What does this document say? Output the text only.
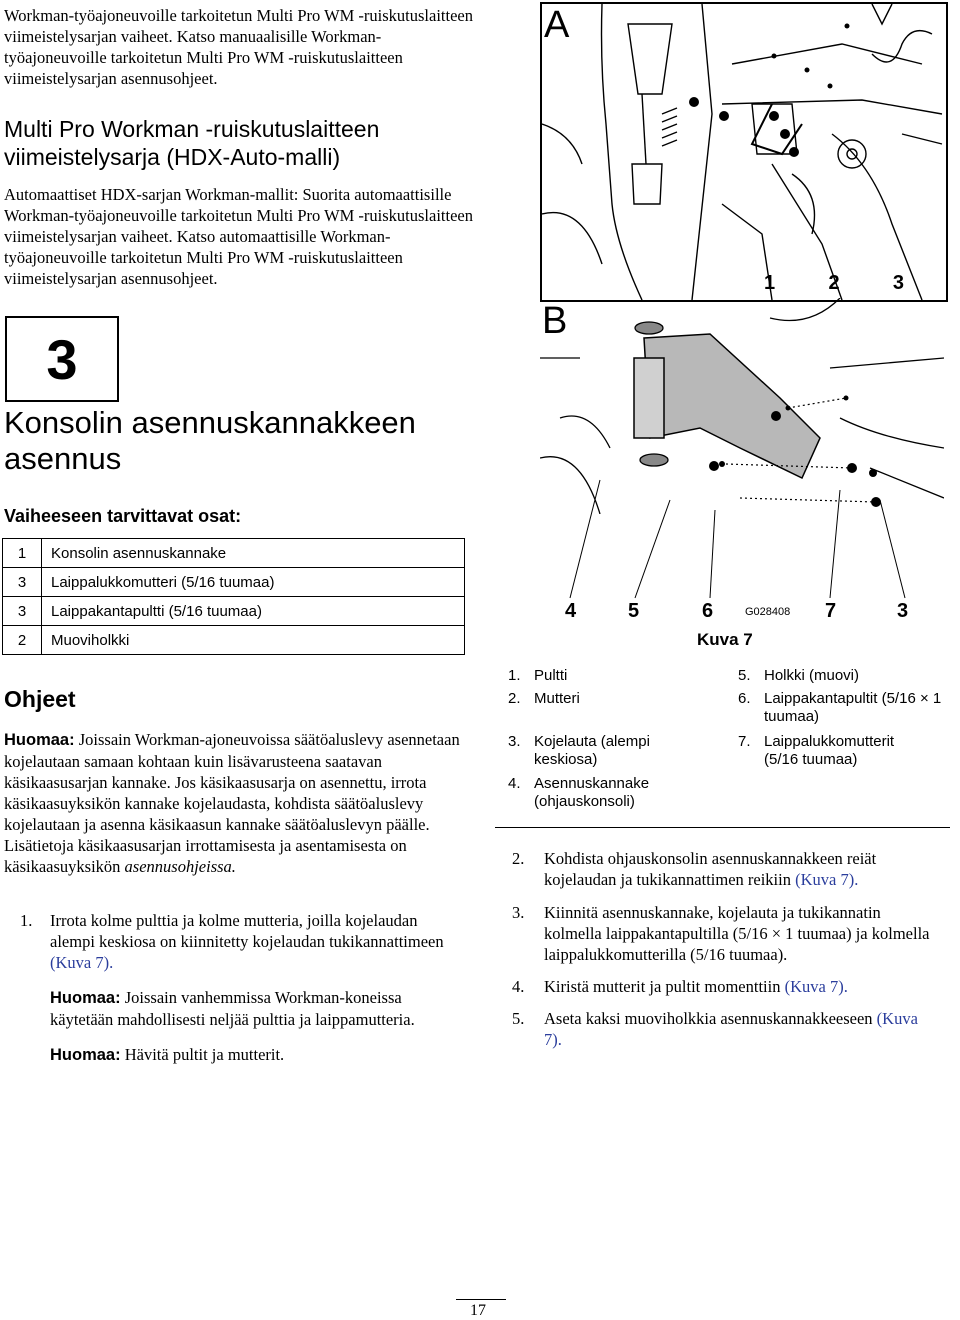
Workman-työajoneuvoille tarkoitetun Multi Pro WM -ruiskutuslaitteen viimeistelysarjan vaiheet. Katso manuaalisille Workman-työajoneuvoille tarkoitetun Multi Pro WM -ruiskutuslaitteen viimeistelysarjan asennusohjeet.
Multi Pro Workman -ruiskutuslaitteen viimeistelysarja (HDX-Auto-malli)
Automaattiset HDX-sarjan Workman-mallit: Suorita automaattisille Workman-työajoneuvoille tarkoitetun Multi Pro WM -ruiskutuslaitteen viimeistelysarjan vaiheet. Katso automaattisille Workman-työajoneuvoille tarkoitetun Multi Pro WM -ruiskutuslaitteen viimeistelysarjan asennusohjeet.
3
Konsolin asennuskannakkeen asennus
Vaiheeseen tarvittavat osat:
1	Konsolin asennuskannake
3	Laippalukkomutteri (5/16 tuumaa)
3	Laippakantapultti (5/16 tuumaa)
2	Muoviholkki
Ohjeet
Huomaa: Joissain Workman-ajoneuvoissa säätöaluslevy asennetaan kojelautaan samaan kohtaan kuin lisävarusteena saatavan käsikaasusarjan kannake. Jos käsikaasusarja on asennettu, irrota käsikaasuyksikön kannake kojelaudasta, kohdista säätöaluslevy kojelautaan ja asenna käsikaasun kannake säätöaluslevyn päälle. Lisätietoja käsikaasusarjan irrottamisesta ja asentamisesta on käsikaasuyksikön asennusohjeissa.
1. Irrota kolme pulttia ja kolme mutteria, joilla kojelaudan alempi keskiosa on kiinnitetty kojelaudan tukikannattimeen (Kuva 7).
Huomaa: Joissain vanhemmissa Workman-koneissa käytetään mahdollisesti neljää pulttia ja laippamutteria.
Huomaa: Hävitä pultit ja mutterit.
A
1	2	3
B
4	5	6	G028408 7	3
Kuva 7
1. Pultti
2. Mutteri
3. Kojelauta (alempi keskiosa)
4. Asennuskannake (ohjauskonsoli)
5. Holkki (muovi)
6. Laippakantapultit (5/16 × 1 tuumaa)
7. Laippalukkomutterit (5/16 tuumaa)
2. Kohdista ohjauskonsolin asennuskannakkeen reiät kojelaudan ja tukikannattimen reikiin (Kuva 7).
3. Kiinnitä asennuskannake, kojelauta ja tukikannatin kolmella laippakantapultilla (5/16 × 1 tuumaa) ja kolmella laippalukkomutterilla (5/16 tuumaa).
4. Kiristä mutterit ja pultit momenttiin (Kuva 7).
5. Aseta kaksi muoviholkkia asennuskannakkeeseen (Kuva 7).
17
